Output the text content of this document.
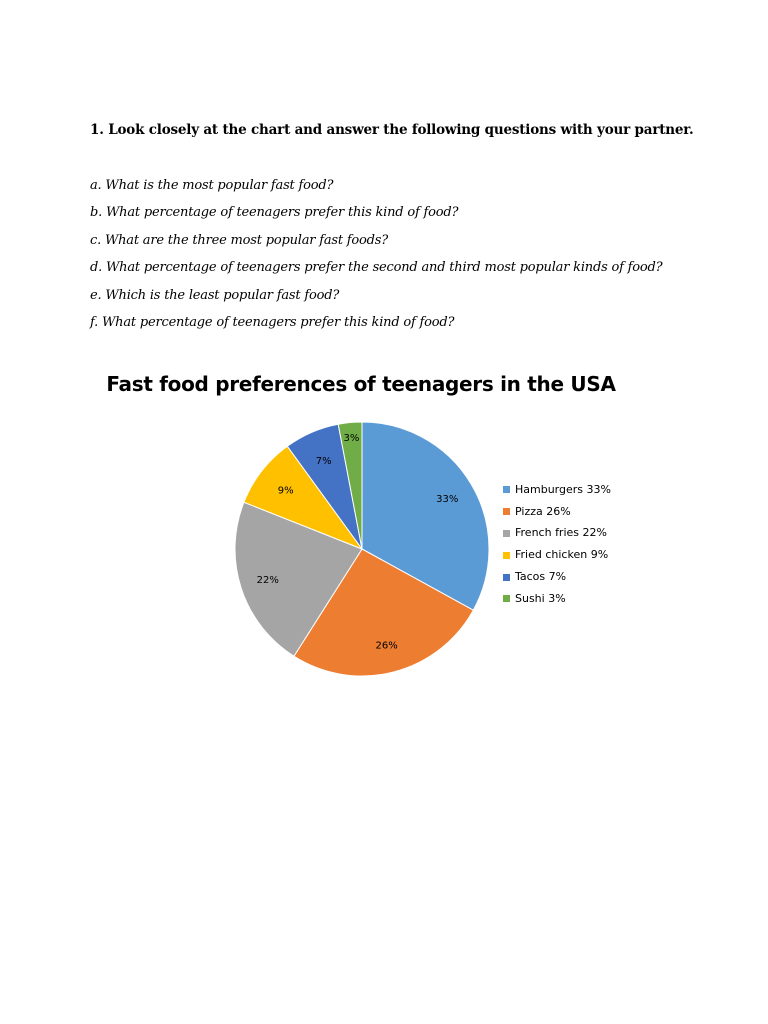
1. Look closely at the chart and answer the following questions with your partner.

a. What is the most popular fast food?
b. What percentage of teenagers prefer this kind of food?
c. What are the three most popular fast foods?
d. What percentage of teenagers prefer the second and third most popular kinds of food?
e. Which is the least popular fast food?
f. What percentage of teenagers prefer this kind of food?
Fast food preferences of teenagers in the USA
33%
26%
22%
9%
7%
3%
Hamburgers 33%
Pizza 26%
French fries 22%
Fried chicken 9%
Tacos 7%
Sushi 3%
